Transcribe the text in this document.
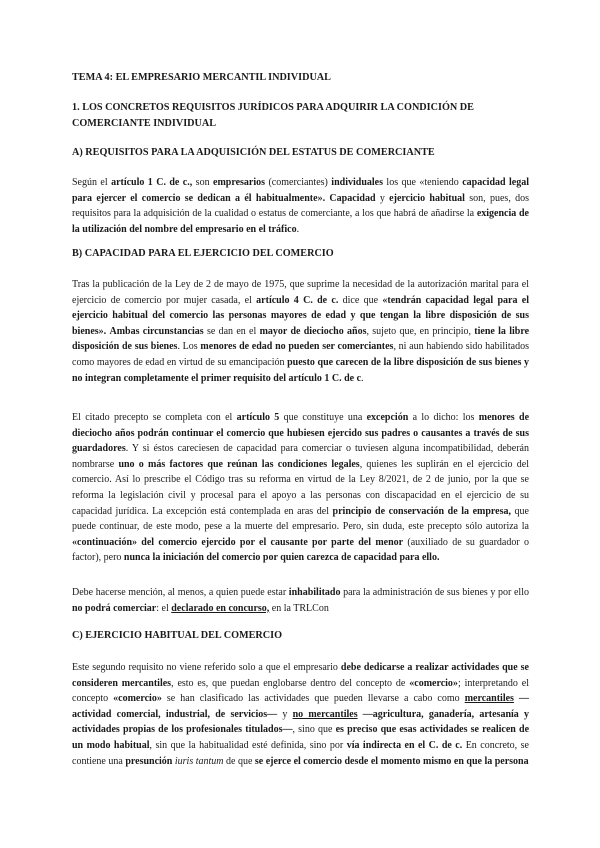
TEMA 4: EL EMPRESARIO MERCANTIL INDIVIDUAL
1. LOS CONCRETOS REQUISITOS JURÍDICOS PARA ADQUIRIR LA CONDICIÓN DE COMERCIANTE INDIVIDUAL
A) REQUISITOS PARA LA ADQUISICIÓN DEL ESTATUS DE COMERCIANTE
Según el artículo 1 C. de c., son empresarios (comerciantes) individuales los que «teniendo capacidad legal para ejercer el comercio se dedican a él habitualmente». Capacidad y ejercicio habitual son, pues, dos requisitos para la adquisición de la cualidad o estatus de comerciante, a los que habrá de añadirse la exigencia de la utilización del nombre del empresario en el tráfico.
B) CAPACIDAD PARA EL EJERCICIO DEL COMERCIO
Tras la publicación de la Ley de 2 de mayo de 1975, que suprime la necesidad de la autorización marital para el ejercicio de comercio por mujer casada, el artículo 4 C. de c. dice que «tendrán capacidad legal para el ejercicio habitual del comercio las personas mayores de edad y que tengan la libre disposición de sus bienes». Ambas circunstancias se dan en el mayor de dieciocho años, sujeto que, en principio, tiene la libre disposición de sus bienes. Los menores de edad no pueden ser comerciantes, ni aun habiendo sido habilitados como mayores de edad en virtud de su emancipación puesto que carecen de la libre disposición de sus bienes y no integran completamente el primer requisito del artículo 1 C. de c.
El citado precepto se completa con el artículo 5 que constituye una excepción a lo dicho: los menores de dieciocho años podrán continuar el comercio que hubiesen ejercido sus padres o causantes a través de sus guardadores. Y si éstos careciesen de capacidad para comerciar o tuviesen alguna incompatibilidad, deberán nombrarse uno o más factores que reúnan las condiciones legales, quienes les suplirán en el ejercicio del comercio. Así lo prescribe el Código tras su reforma en virtud de la Ley 8/2021, de 2 de junio, por la que se reforma la legislación civil y procesal para el apoyo a las personas con discapacidad en el ejercicio de su capacidad jurídica. La excepción está contemplada en aras del principio de conservación de la empresa, que puede continuar, de este modo, pese a la muerte del empresario. Pero, sin duda, este precepto sólo autoriza la «continuación» del comercio ejercido por el causante por parte del menor (auxiliado de su guardador o factor), pero nunca la iniciación del comercio por quien carezca de capacidad para ello.
Debe hacerse mención, al menos, a quien puede estar inhabilitado para la administración de sus bienes y por ello no podrá comerciar: el declarado en concurso, en la TRLCon
C) EJERCICIO HABITUAL DEL COMERCIO
Este segundo requisito no viene referido solo a que el empresario debe dedicarse a realizar actividades que se consideren mercantiles, esto es, que puedan englobarse dentro del concepto de «comercio»; interpretando el concepto «comercio» se han clasificado las actividades que pueden llevarse a cabo como mercantiles —actividad comercial, industrial, de servicios— y no mercantiles —agricultura, ganadería, artesanía y actividades propias de los profesionales titulados—, sino que es preciso que esas actividades se realicen de un modo habitual, sin que la habitualidad esté definida, sino por vía indirecta en el C. de c. En concreto, se contiene una presunción iuris tantum de que se ejerce el comercio desde el momento mismo en que la persona
